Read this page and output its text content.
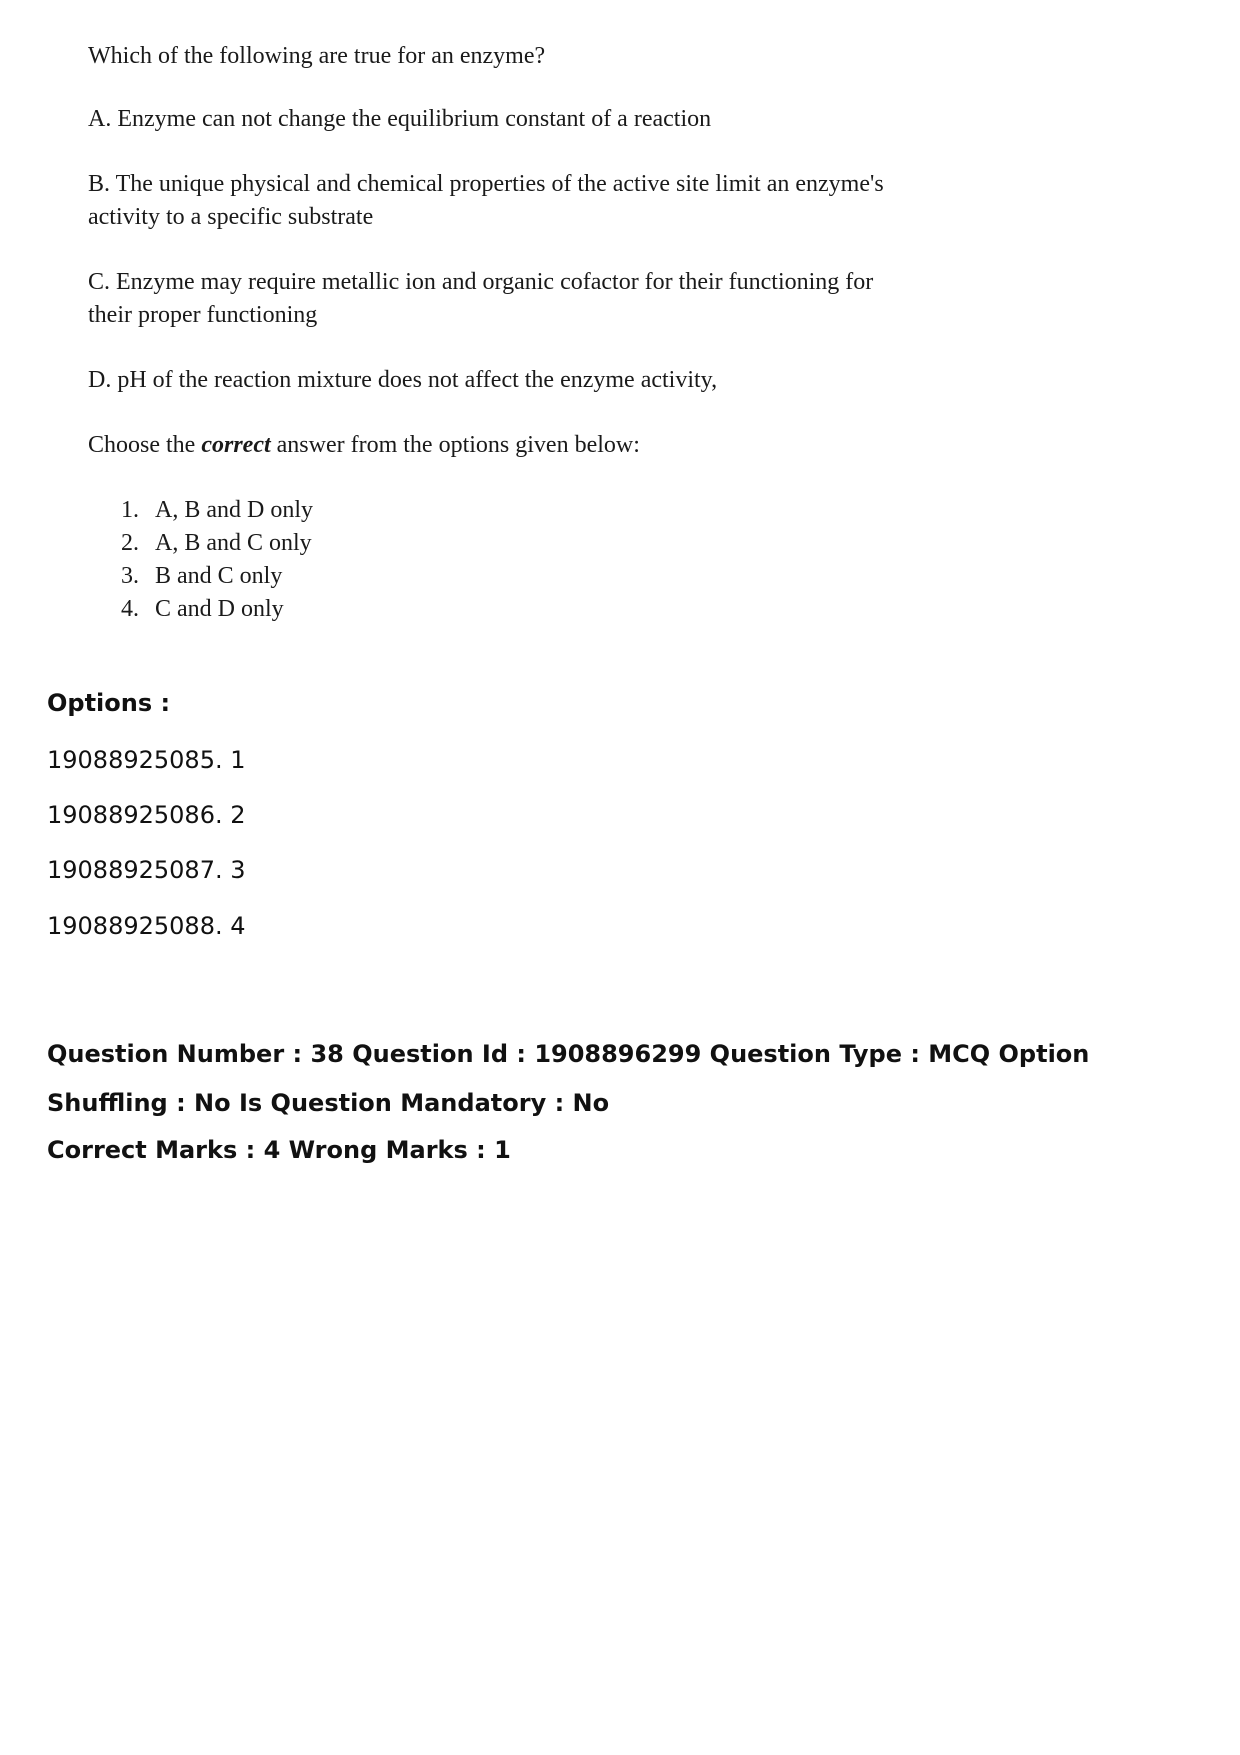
Which of the following are true for an enzyme?

A. Enzyme can not change the equilibrium constant of a reaction

B. The unique physical and chemical properties of the active site limit an enzyme's activity to a specific substrate

C. Enzyme may require metallic ion and organic cofactor for their functioning for their proper functioning

D. pH of the reaction mixture does not affect the enzyme activity,

Choose the correct answer from the options given below:

1. A, B and D only
2. A, B and C only
3. B and C only
4. C and D only
Options :
19088925085. 1
19088925086. 2
19088925087. 3
19088925088. 4
Question Number : 38 Question Id : 1908896299 Question Type : MCQ Option Shuffling : No Is Question Mandatory : No
Correct Marks : 4 Wrong Marks : 1
